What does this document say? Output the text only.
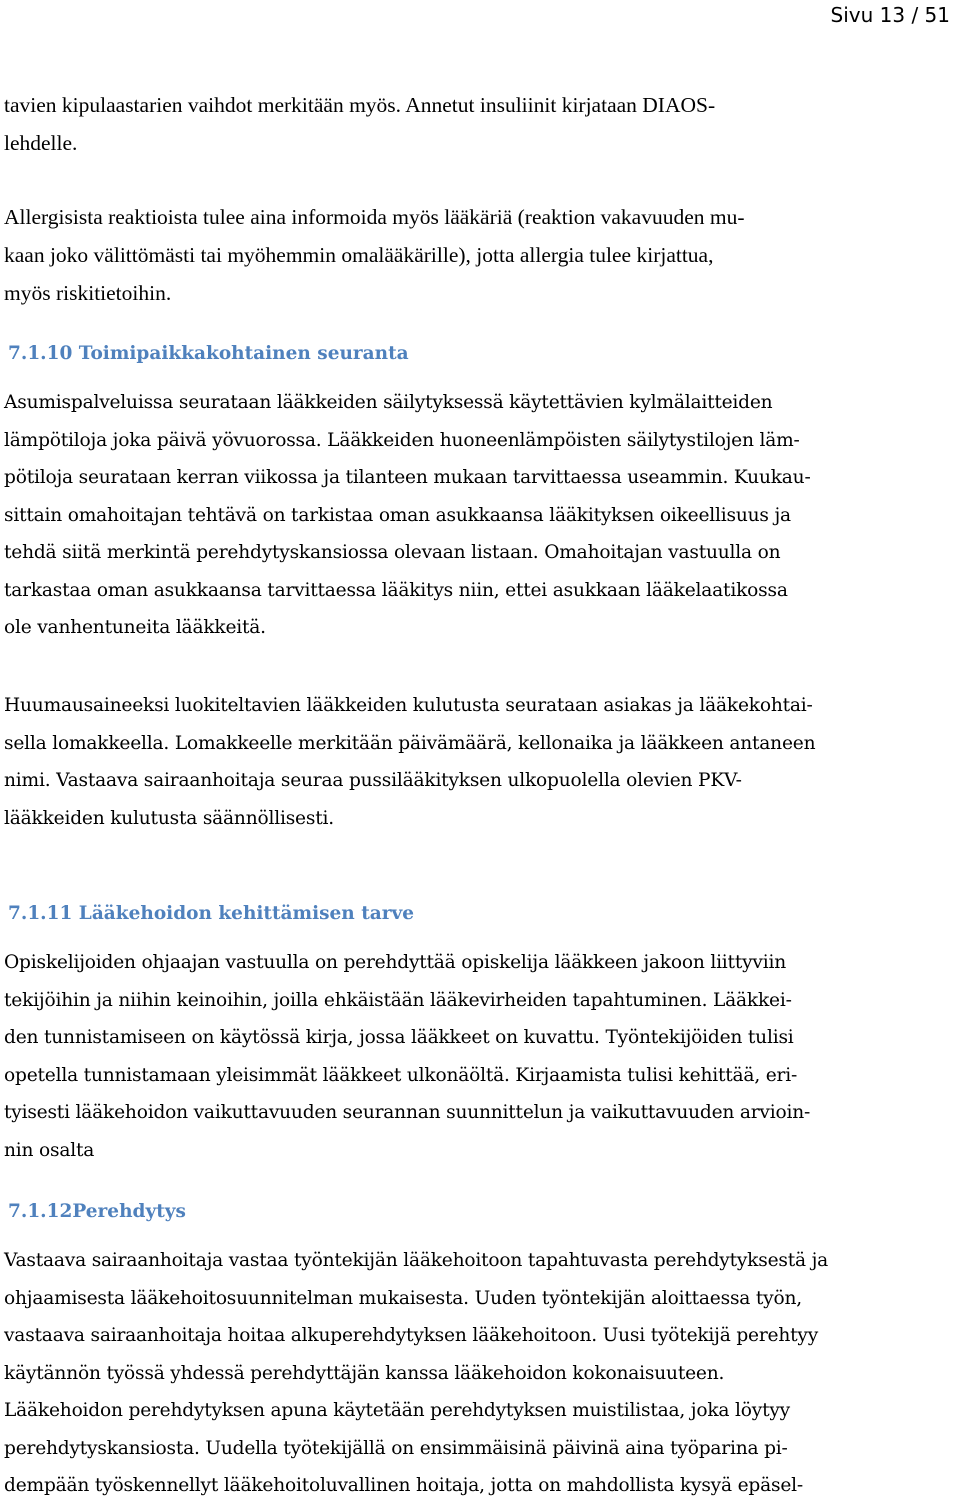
Sivu 13 / 51
tavien kipulaastarien vaihdot merkitään myös. Annetut insuliinit kirjataan DIAOS-
lehdelle.
Allergisista reaktioista tulee aina informoida myös lääkäriä (reaktion vakavuuden mu-
kaan joko välittömästi tai myöhemmin omalääkärille), jotta allergia tulee kirjattua,
myös riskitietoihin.
7.1.10 Toimipaikkakohtainen seuranta
Asumispalveluissa seurataan lääkkeiden säilytyksessä käytettävien kylmälaitteiden
lämpötiloja joka päivä yövuorossa. Lääkkeiden huoneenlämpöisten säilytystilojen läm-
pötiloja seurataan kerran viikossa ja tilanteen mukaan tarvittaessa useammin. Kuukau-
sittain omahoitajan tehtävä on tarkistaa oman asukkaansa lääkityksen oikeellisuus ja
tehdä siitä merkintä perehdytyskansiossa olevaan listaan. Omahoitajan vastuulla on
tarkastaa oman asukkaansa tarvittaessa lääkitys niin, ettei asukkaan lääkelaatikossa
ole vanhentuneita lääkkeitä.
Huumausaineeksi luokiteltavien lääkkeiden kulutusta seurataan asiakas ja lääkekohtai-
sella lomakkeella. Lomakkeelle merkitään päivämäärä, kellonaika ja lääkkeen antaneen
nimi. Vastaava sairaanhoitaja seuraa pussilääkityksen ulkopuolella olevien PKV-
lääkkeiden kulutusta säännöllisesti.
7.1.11 Lääkehoidon kehittämisen tarve
Opiskelijoiden ohjaajan vastuulla on perehdyttää opiskelija lääkkeen jakoon liittyviin
tekijöihin ja niihin keinoihin, joilla ehkäistään lääkevirheiden tapahtuminen. Lääkkei-
den tunnistamiseen on käytössä kirja, jossa lääkkeet on kuvattu. Työntekijöiden tulisi
opetella tunnistamaan yleisimmät lääkkeet ulkonäöltä. Kirjaamista tulisi kehittää, eri-
tyisesti lääkehoidon vaikuttavuuden seurannan suunnittelun ja vaikuttavuuden arvioin-
nin osalta
7.1.12Perehdytys
Vastaava sairaanhoitaja vastaa työntekijän lääkehoitoon tapahtuvasta perehdytyksestä ja
ohjaamisesta lääkehoitosuunnitelman mukaisesta. Uuden työntekijän aloittaessa työn,
vastaava sairaanhoitaja hoitaa alkuperehdytyksen lääkehoitoon. Uusi työtekijä perehtyy
käytännön työssä yhdessä perehdyttäjän kanssa lääkehoidon kokonaisuuteen.
Lääkehoidon perehdytyksen apuna käytetään perehdytyksen muistilistaa, joka löytyy
perehdytyskansiosta. Uudella työtekijällä on ensimmäisinä päivinä aina työparina pi-
dempään työskennellyt lääkehoitoluvallinen hoitaja, jotta on mahdollista kysyä epäsel-
